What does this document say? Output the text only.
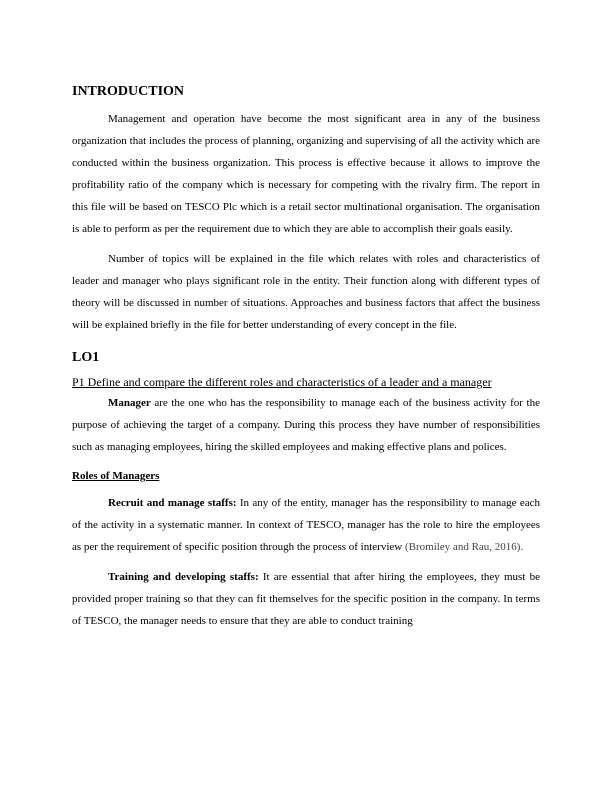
INTRODUCTION

Management and operation have become the most significant area in any of the business organization that includes the process of planning, organizing and supervising of all the activity which are conducted within the business organization. This process is effective because it allows to improve the profitability ratio of the company which is necessary for competing with the rivalry firm. The report in this file will be based on TESCO Plc which is a retail sector multinational organisation. The organisation is able to perform as per the requirement due to which they are able to accomplish their goals easily.

Number of topics will be explained in the file which relates with roles and characteristics of leader and manager who plays significant role in the entity. Their function along with different types of theory will be discussed in number of situations. Approaches and business factors that affect the business will be explained briefly in the file for better understanding of every concept in the file.

LO1
P1 Define and compare the different roles and characteristics of a leader and a manager

Manager are the one who has the responsibility to manage each of the business activity for the purpose of achieving the target of a company. During this process they have number of responsibilities such as managing employees, hiring the skilled employees and making effective plans and polices.

Roles of Managers

Recruit and manage staffs: In any of the entity, manager has the responsibility to manage each of the activity in a systematic manner. In context of TESCO, manager has the role to hire the employees as per the requirement of specific position through the process of interview (Bromiley and Rau, 2016).

Training and developing staffs: It are essential that after hiring the employees, they must be provided proper training so that they can fit themselves for the specific position in the company. In terms of TESCO, the manager needs to ensure that they are able to conduct training
